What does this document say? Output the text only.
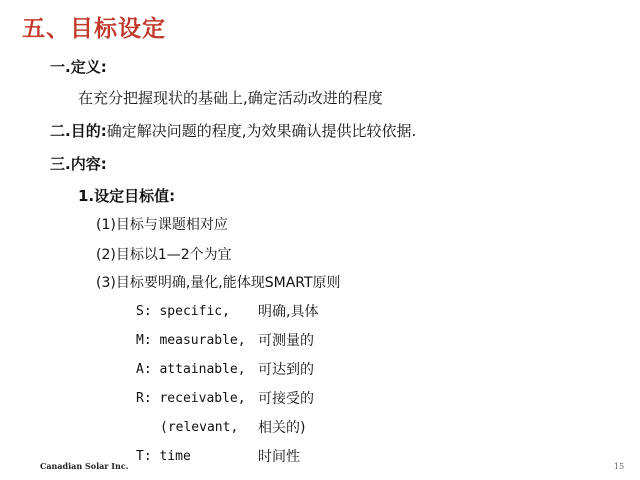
五、目标设定
一.定义:
在充分把握现状的基础上,确定活动改进的程度
二.目的:确定解决问题的程度,为效果确认提供比较依据.
三.内容:
1.设定目标值:
(1)目标与课题相对应
(2)目标以1—2个为宜
(3)目标要明确,量化,能体现SMART原则
S: specific, 明确,具体
M: measurable, 可测量的
A: attainable, 可达到的
R: receivable, 可接受的
(relevant, 相关的)
T: time	时间性
Canadian Solar Inc.	15
